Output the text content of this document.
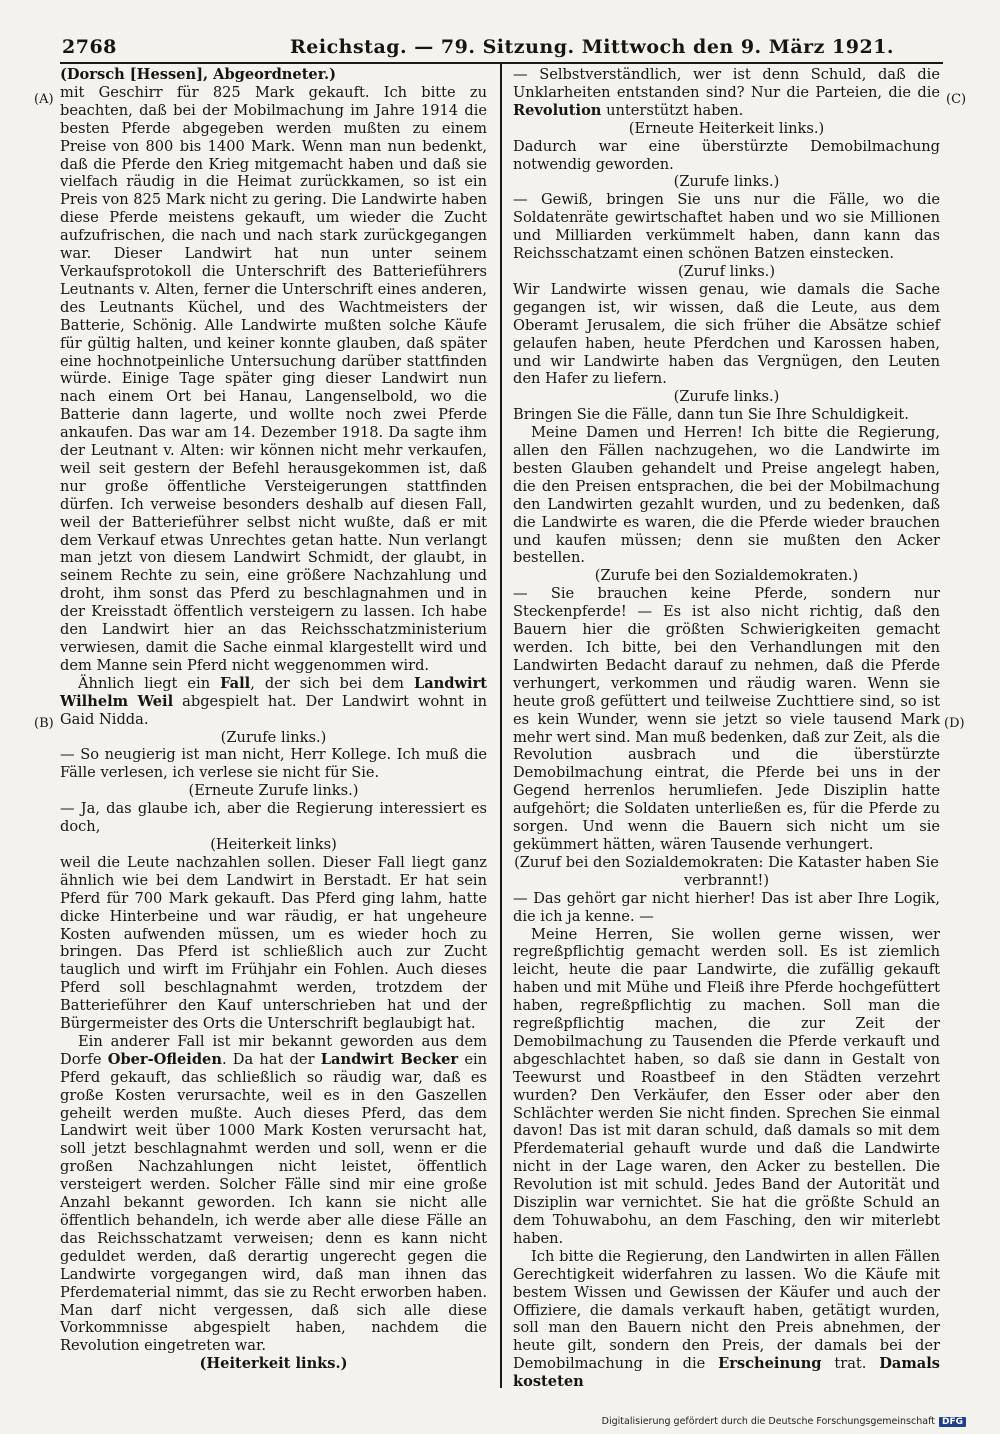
2768	Reichstag. — 79. Sitzung. Mittwoch den 9. März 1921.
(A)
(B)
(C)
(D)

(Dorsch [Hessen], Abgeordneter.)

mit Geschirr für 825 Mark gekauft. Ich bitte zu beachten, daß bei der Mobilmachung im Jahre 1914 die besten Pferde abgegeben werden mußten zu einem Preise von 800 bis 1400 Mark. Wenn man nun bedenkt, daß die Pferde den Krieg mitgemacht haben und daß sie vielfach räudig in die Heimat zurückkamen, so ist ein Preis von 825 Mark nicht zu gering. Die Landwirte haben diese Pferde meistens gekauft, um wieder die Zucht aufzufrischen, die nach und nach stark zurückgegangen war. Dieser Landwirt hat nun unter seinem Verkaufsprotokoll die Unterschrift des Batterieführers Leutnants v. Alten, ferner die Unterschrift eines anderen, des Leutnants Küchel, und des Wachtmeisters der Batterie, Schönig. Alle Landwirte mußten solche Käufe für gültig halten, und keiner konnte glauben, daß später eine hochnotpeinliche Untersuchung darüber stattfinden würde. Einige Tage später ging dieser Landwirt nun nach einem Ort bei Hanau, Langenselbold, wo die Batterie dann lagerte, und wollte noch zwei Pferde ankaufen. Das war am 14. Dezember 1918. Da sagte ihm der Leutnant v. Alten: wir können nicht mehr verkaufen, weil seit gestern der Befehl herausgekommen ist, daß nur große öffentliche Versteigerungen stattfinden dürfen. Ich verweise besonders deshalb auf diesen Fall, weil der Batterieführer selbst nicht wußte, daß er mit dem Verkauf etwas Unrechtes getan hatte. Nun verlangt man jetzt von diesem Landwirt Schmidt, der glaubt, in seinem Rechte zu sein, eine größere Nachzahlung und droht, ihm sonst das Pferd zu beschlagnahmen und in der Kreisstadt öffentlich versteigern zu lassen. Ich habe den Landwirt hier an das Reichsschatzministerium verwiesen, damit die Sache einmal klargestellt wird und dem Manne sein Pferd nicht weggenommen wird.

Ähnlich liegt ein Fall, der sich bei dem Landwirt Wilhelm Weil abgespielt hat. Der Landwirt wohnt in Gaid Nidda.

(Zurufe links.)

— So neugierig ist man nicht, Herr Kollege. Ich muß die Fälle verlesen, ich verlese sie nicht für Sie.

(Erneute Zurufe links.)

— Ja, das glaube ich, aber die Regierung interessiert es doch,

(Heiterkeit links)

weil die Leute nachzahlen sollen. Dieser Fall liegt ganz ähnlich wie bei dem Landwirt in Berstadt. Er hat sein Pferd für 700 Mark gekauft. Das Pferd ging lahm, hatte dicke Hinterbeine und war räudig, er hat ungeheure Kosten aufwenden müssen, um es wieder hoch zu bringen. Das Pferd ist schließlich auch zur Zucht tauglich und wirft im Frühjahr ein Fohlen. Auch dieses Pferd soll beschlagnahmt werden, trotzdem der Batterieführer den Kauf unterschrieben hat und der Bürgermeister des Orts die Unterschrift beglaubigt hat.

Ein anderer Fall ist mir bekannt geworden aus dem Dorfe Ober-Ofleiden. Da hat der Landwirt Becker ein Pferd gekauft, das schließlich so räudig war, daß es große Kosten verursachte, weil es in den Gaszellen geheilt werden mußte. Auch dieses Pferd, das dem Landwirt weit über 1000 Mark Kosten verursacht hat, soll jetzt beschlagnahmt werden und soll, wenn er die großen Nachzahlungen nicht leistet, öffentlich versteigert werden. Solcher Fälle sind mir eine große Anzahl bekannt geworden. Ich kann sie nicht alle öffentlich behandeln, ich werde aber alle diese Fälle an das Reichsschatzamt verweisen; denn es kann nicht geduldet werden, daß derartig ungerecht gegen die Landwirte vorgegangen wird, daß man ihnen das Pferdematerial nimmt, das sie zu Recht erworben haben. Man darf nicht vergessen, daß sich alle diese Vorkommnisse abgespielt haben, nachdem die Revolution eingetreten war.

(Heiterkeit links.)

— Selbstverständlich, wer ist denn Schuld, daß die Unklarheiten entstanden sind? Nur die Parteien, die die Revolution unterstützt haben.

(Erneute Heiterkeit links.)

Dadurch war eine überstürzte Demobilmachung notwendig geworden.

(Zurufe links.)

— Gewiß, bringen Sie uns nur die Fälle, wo die Soldatenräte gewirtschaftet haben und wo sie Millionen und Milliarden verkümmelt haben, dann kann das Reichsschatzamt einen schönen Batzen einstecken.

(Zuruf links.)

Wir Landwirte wissen genau, wie damals die Sache gegangen ist, wir wissen, daß die Leute, aus dem Oberamt Jerusalem, die sich früher die Absätze schief gelaufen haben, heute Pferdchen und Karossen haben, und wir Landwirte haben das Vergnügen, den Leuten den Hafer zu liefern.

(Zurufe links.)

Bringen Sie die Fälle, dann tun Sie Ihre Schuldigkeit.

Meine Damen und Herren! Ich bitte die Regierung, allen den Fällen nachzugehen, wo die Landwirte im besten Glauben gehandelt und Preise angelegt haben, die den Preisen entsprachen, die bei der Mobilmachung den Landwirten gezahlt wurden, und zu bedenken, daß die Landwirte es waren, die die Pferde wieder brauchen und kaufen müssen; denn sie mußten den Acker bestellen.

(Zurufe bei den Sozialdemokraten.)

— Sie brauchen keine Pferde, sondern nur Steckenpferde! — Es ist also nicht richtig, daß den Bauern hier die größten Schwierigkeiten gemacht werden. Ich bitte, bei den Verhandlungen mit den Landwirten Bedacht darauf zu nehmen, daß die Pferde verhungert, verkommen und räudig waren. Wenn sie heute groß gefüttert und teilweise Zuchttiere sind, so ist es kein Wunder, wenn sie jetzt so viele tausend Mark mehr wert sind. Man muß bedenken, daß zur Zeit, als die Revolution ausbrach und die überstürzte Demobilmachung eintrat, die Pferde bei uns in der Gegend herrenlos herumliefen. Jede Disziplin hatte aufgehört; die Soldaten unterließen es, für die Pferde zu sorgen. Und wenn die Bauern sich nicht um sie gekümmert hätten, wären Tausende verhungert.

(Zuruf bei den Sozialdemokraten: Die Kataster haben Sie verbrannt!)

— Das gehört gar nicht hierher! Das ist aber Ihre Logik, die ich ja kenne. —

Meine Herren, Sie wollen gerne wissen, wer regreßpflichtig gemacht werden soll. Es ist ziemlich leicht, heute die paar Landwirte, die zufällig gekauft haben und mit Mühe und Fleiß ihre Pferde hochgefüttert haben, regreßpflichtig zu machen. Soll man die regreßpflichtig machen, die zur Zeit der Demobilmachung zu Tausenden die Pferde verkauft und abgeschlachtet haben, so daß sie dann in Gestalt von Teewurst und Roastbeef in den Städten verzehrt wurden? Den Verkäufer, den Esser oder aber den Schlächter werden Sie nicht finden. Sprechen Sie einmal davon! Das ist mit daran schuld, daß damals so mit dem Pferdematerial gehauft wurde und daß die Landwirte nicht in der Lage waren, den Acker zu bestellen. Die Revolution ist mit schuld. Jedes Band der Autorität und Disziplin war vernichtet. Sie hat die größte Schuld an dem Tohuwabohu, an dem Fasching, den wir miterlebt haben.

Ich bitte die Regierung, den Landwirten in allen Fällen Gerechtigkeit widerfahren zu lassen. Wo die Käufe mit bestem Wissen und Gewissen der Käufer und auch der Offiziere, die damals verkauft haben, getätigt wurden, soll man den Bauern nicht den Preis abnehmen, der heute gilt, sondern den Preis, der damals bei der Demobilmachung in die Erscheinung trat. Damals kosteten

Digitalisierung gefördert durch die Deutsche Forschungsgemeinschaft DFG
